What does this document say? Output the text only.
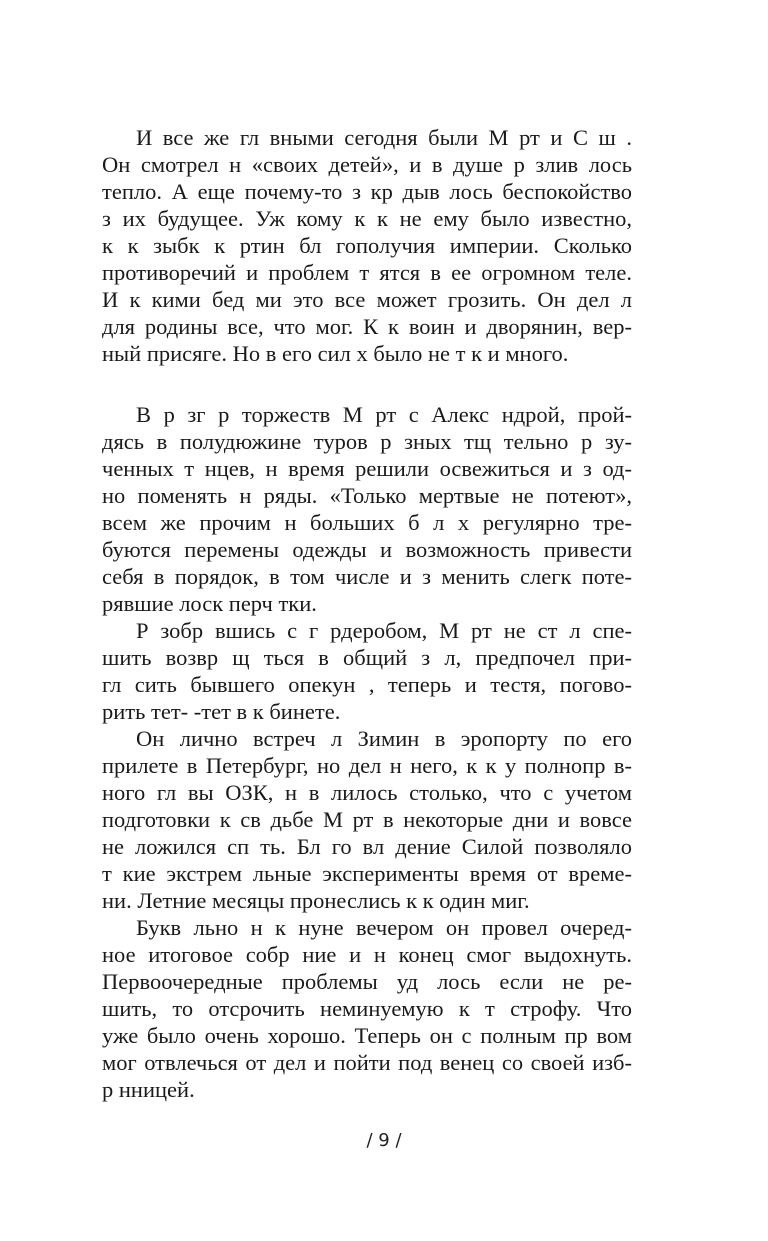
И все же гл вными сегодня были М рт и С ш .
Он смотрел н «своих детей», и в душе р злив лось
тепло. А еще почему-то з кр дыв лось беспокойство
з их будущее. Уж кому к к не ему было известно,
к к зыбк к ртин бл гополучия империи. Сколько
противоречий и проблем т ятся в ее огромном теле.
И к кими бед ми это все может грозить. Он дел л
для родины все, что мог. К к воин и дворянин, вер-
ный присяге. Но в его сил х было не т к и много.
В р зг р торжеств М рт с Алекс ндрой, прой-
дясь в полудюжине туров р зных тщ тельно р зу-
ченных т нцев, н время решили освежиться и з од-
но поменять н ряды. «Только мертвые не потеют»,
всем же прочим н больших б л х регулярно тре-
буются перемены одежды и возможность привести
себя в порядок, в том числе и з менить слегк поте-
рявшие лоск перч тки.
Р зобр вшись с г рдеробом, М рт не ст л спе-
шить возвр щ ться в общий з л, предпочел при-
гл сить бывшего опекун , теперь и тестя, погово-
рить тет- -тет в к бинете.
Он лично встреч л Зимин в эропорту по его
прилете в Петербург, но дел н него, к к у полнопр в-
ного гл вы ОЗК, н в лилось столько, что с учетом
подготовки к св дьбе М рт в некоторые дни и вовсе
не ложился сп ть. Бл го вл дение Силой позволяло
т кие экстрем льные эксперименты время от време-
ни. Летние месяцы пронеслись к к один миг.
Букв льно н к нуне вечером он провел очеред-
ное итоговое собр ние и н конец смог выдохнуть.
Первоочередные проблемы уд лось если не ре-
шить, то отсрочить неминуемую к т строфу. Что
уже было очень хорошо. Теперь он с полным пр вом
мог отвлечься от дел и пойти под венец со своей изб-
р нницей.
/ 9 /
